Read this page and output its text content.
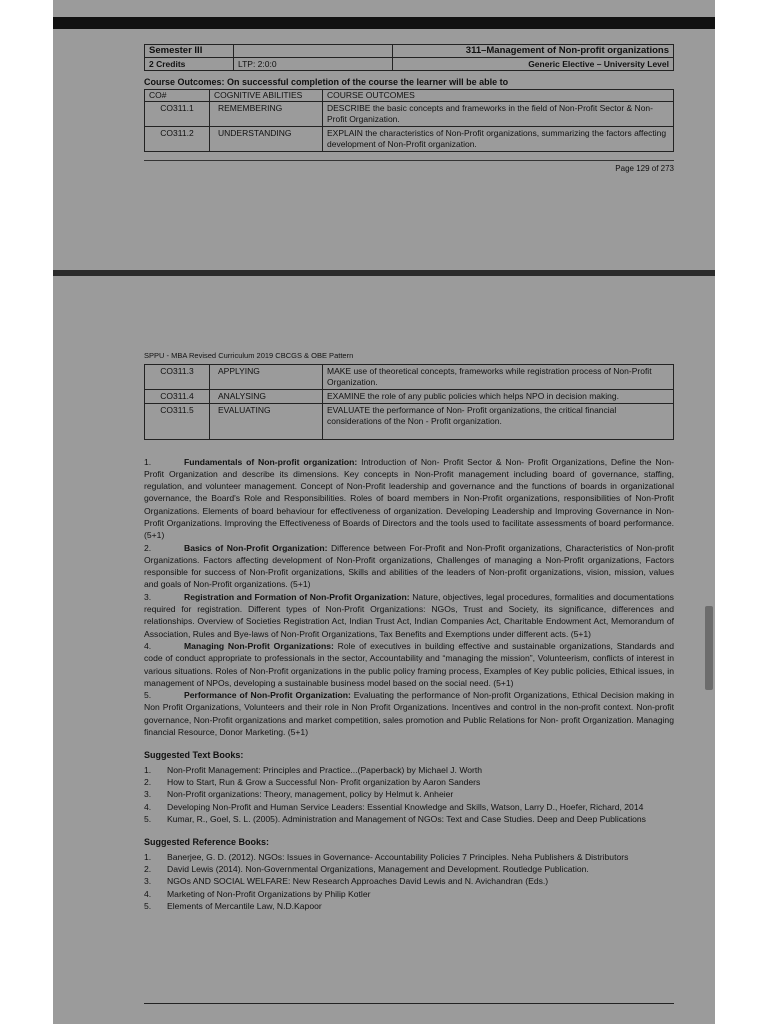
Semester III		311–Management of Non-profit organizations
2 Credits	LTP: 2:0:0	Generic Elective – University Level
Course Outcomes: On successful completion of the course the learner will be able to
CO#	COGNITIVE ABILITIES	COURSE OUTCOMES
CO311.1	REMEMBERING	DESCRIBE the basic concepts and frameworks in the field of Non-Profit Sector & Non-Profit Organization.
CO311.2	UNDERSTANDING	EXPLAIN the characteristics of Non-Profit organizations, summarizing the factors affecting development of Non-Profit organization.
Page 129 of 273
SPPU - MBA Revised Curriculum 2019 CBCGS & OBE Pattern
CO311.3	APPLYING	MAKE use of theoretical concepts, frameworks while registration process of Non-Profit Organization.
CO311.4	ANALYSING	EXAMINE the role of any public policies which helps NPO in decision making.
CO311.5	EVALUATING	EVALUATE the performance of Non- Profit organizations, the critical financial considerations of the Non - Profit organization.

1.	Fundamentals of Non-profit organization: Introduction of Non- Profit Sector & Non- Profit Organizations, Define the Non- Profit Organization and describe its dimensions. Key concepts in Non-Profit management including board of governance, staffing, regulation, and volunteer management. Concept of Non-Profit leadership and governance and the functions of boards in organizational governance, the Board's Role and Responsibilities. Roles of board members in Non-Profit organizations, responsibilities of Non-Profit Organizations. Elements of board behaviour for effectiveness of organization. Developing Leadership and Improving Governance in Non-Profit Organizations. Improving the Effectiveness of Boards of Directors and the tools used to facilitate assessments of board performance. (5+1)

2.	Basics of Non-Profit Organization: Difference between For-Profit and Non-Profit organizations, Characteristics of Non-profit Organizations. Factors affecting development of Non-Profit organizations, Challenges of managing a Non-Profit organizations, Factors responsible for success of Non-Profit organizations, Skills and abilities of the leaders of Non-profit organizations, vision, mission, values and goals of Non-Profit organizations. (5+1)

3.	Registration and Formation of Non-Profit Organization: Nature, objectives, legal procedures, formalities and documentations required for registration. Different types of Non-Profit Organizations: NGOs, Trust and Society, its significance, differences and relationships. Overview of Societies Registration Act, Indian Trust Act, Indian Companies Act, Charitable Endowment Act, Memorandum of Association, Rules and Bye-laws of Non-Profit Organizations, Tax Benefits and Exemptions under different acts. (5+1)

4.	Managing Non-Profit Organizations: Role of executives in building effective and sustainable organizations, Standards and code of conduct appropriate to professionals in the sector, Accountability and “managing the mission”, Volunteerism, conflicts of interest in various situations. Roles of Non-Profit organizations in the public policy framing process, Examples of Key public policies, Ethical issues, in management of NPOs, developing a sustainable business model based on the social need. (5+1)

5.	Performance of Non-Profit Organization: Evaluating the performance of Non-profit Organizations, Ethical Decision making in Non Profit Organizations, Volunteers and their role in Non Profit Organizations. Incentives and control in the non-profit context. Non-profit governance, Non-Profit organizations and market competition, sales promotion and Public Relations for Non- profit Organization. Managing financial Resource, Donor Marketing. (5+1)

Suggested Text Books:
1. Non-Profit Management: Principles and Practice...(Paperback) by Michael J. Worth
2. How to Start, Run & Grow a Successful Non- Profit organization by Aaron Sanders
3. Non-Profit organizations: Theory, management, policy by Helmut k. Anheier
4. Developing Non-Profit and Human Service Leaders: Essential Knowledge and Skills, Watson, Larry D., Hoefer, Richard, 2014
5. Kumar, R., Goel, S. L. (2005). Administration and Management of NGOs: Text and Case Studies. Deep and Deep Publications
Suggested Reference Books:
1. Banerjee, G. D. (2012). NGOs: Issues in Governance- Accountability Policies 7 Principles. Neha Publishers & Distributors
2. David Lewis (2014). Non-Governmental Organizations, Management and Development. Routledge Publication.
3. NGOs AND SOCIAL WELFARE: New Research Approaches David Lewis and N. Avichandran (Eds.)
4. Marketing of Non-Profit Organizations by Philip Kotler
5. Elements of Mercantile Law, N.D.Kapoor
